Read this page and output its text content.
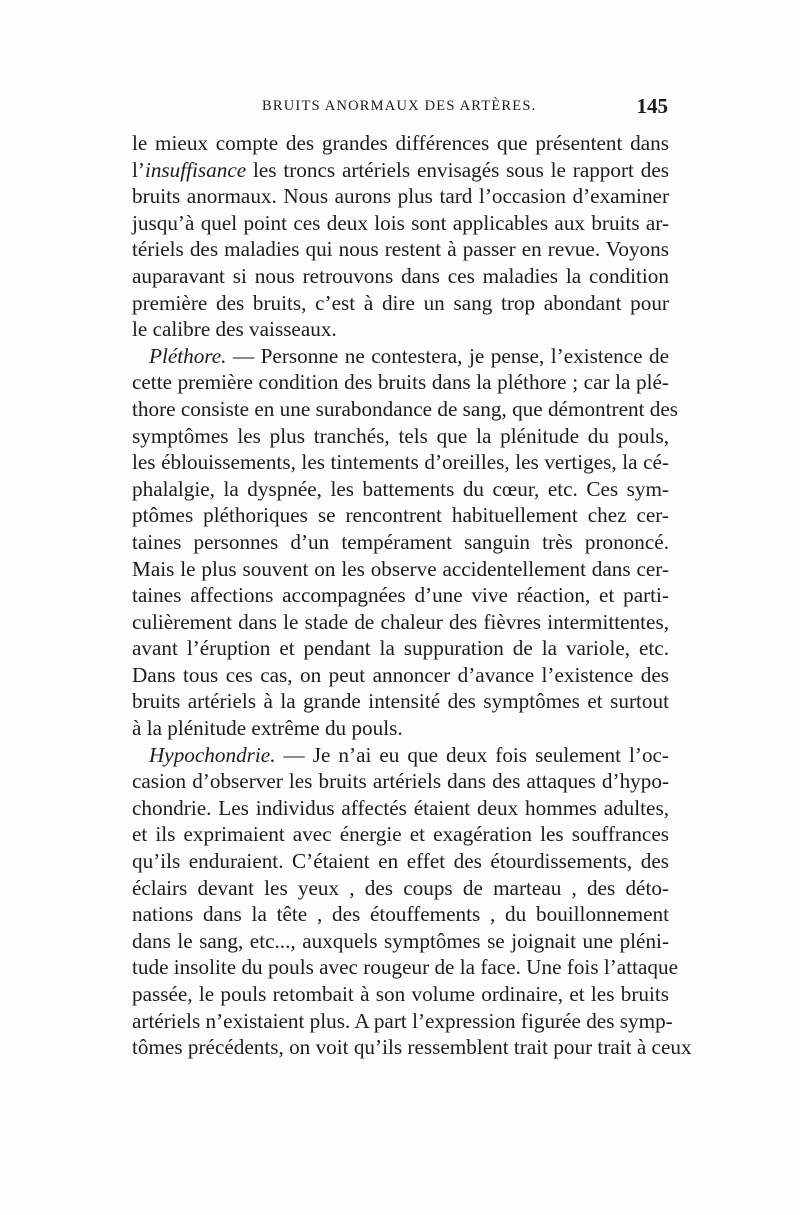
BRUITS ANORMAUX DES ARTÈRES.	145
le mieux compte des grandes différences que présentent dans
l’insuffisance les troncs artériels envisagés sous le rapport des
bruits anormaux. Nous aurons plus tard l’occasion d’examiner
jusqu’à quel point ces deux lois sont applicables aux bruits ar-
tériels des maladies qui nous restent à passer en revue. Voyons
auparavant si nous retrouvons dans ces maladies la condition
première des bruits, c’est à dire un sang trop abondant pour
le calibre des vaisseaux.
Pléthore. — Personne ne contestera, je pense, l’existence de
cette première condition des bruits dans la pléthore ; car la plé-
thore consiste en une surabondance de sang, que démontrent des
symptômes les plus tranchés, tels que la plénitude du pouls,
les éblouissements, les tintements d’oreilles, les vertiges, la cé-
phalalgie, la dyspnée, les battements du cœur, etc. Ces sym-
ptômes pléthoriques se rencontrent habituellement chez cer-
taines personnes d’un tempérament sanguin très prononcé.
Mais le plus souvent on les observe accidentellement dans cer-
taines affections accompagnées d’une vive réaction, et parti-
culièrement dans le stade de chaleur des fièvres intermittentes,
avant l’éruption et pendant la suppuration de la variole, etc.
Dans tous ces cas, on peut annoncer d’avance l’existence des
bruits artériels à la grande intensité des symptômes et surtout
à la plénitude extrême du pouls.
Hypochondrie. — Je n’ai eu que deux fois seulement l’oc-
casion d’observer les bruits artériels dans des attaques d’hypo-
chondrie. Les individus affectés étaient deux hommes adultes,
et ils exprimaient avec énergie et exagération les souffrances
qu’ils enduraient. C’étaient en effet des étourdissements, des
éclairs devant les yeux , des coups de marteau , des déto-
nations dans la tête , des étouffements , du bouillonnement
dans le sang, etc..., auxquels symptômes se joignait une pléni-
tude insolite du pouls avec rougeur de la face. Une fois l’attaque
passée, le pouls retombait à son volume ordinaire, et les bruits
artériels n’existaient plus. A part l’expression figurée des symp-
tômes précédents, on voit qu’ils ressemblent trait pour trait à ceux
